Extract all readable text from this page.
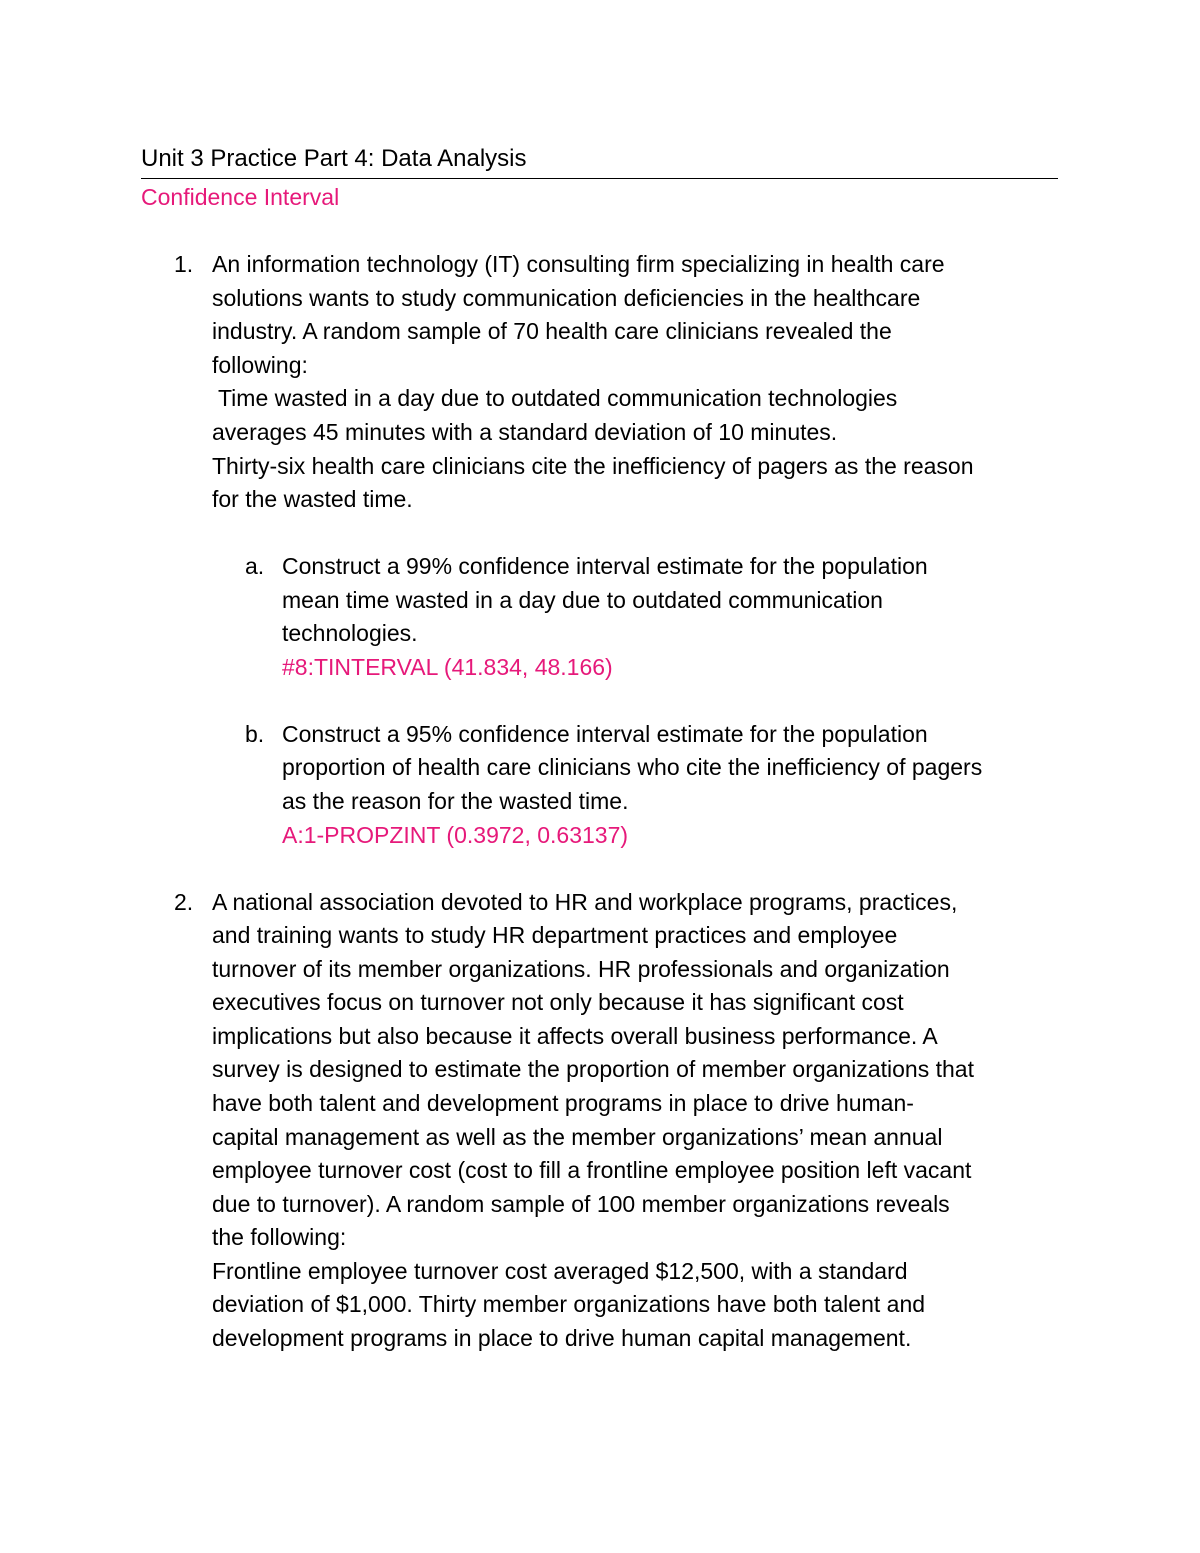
Unit 3 Practice Part 4: Data Analysis
Confidence Interval
1. An information technology (IT) consulting firm specializing in health care
solutions wants to study communication deficiencies in the healthcare
industry. A random sample of 70 health care clinicians revealed the
following:
Time wasted in a day due to outdated communication technologies
averages 45 minutes with a standard deviation of 10 minutes.
Thirty-six health care clinicians cite the inefficiency of pagers as the reason
for the wasted time.
a. Construct a 99% confidence interval estimate for the population
mean time wasted in a day due to outdated communication
technologies.
#8:TINTERVAL (41.834, 48.166)
b. Construct a 95% confidence interval estimate for the population
proportion of health care clinicians who cite the inefficiency of pagers
as the reason for the wasted time.
A:1-PROPZINT (0.3972, 0.63137)
2. A national association devoted to HR and workplace programs, practices,
and training wants to study HR department practices and employee
turnover of its member organizations. HR professionals and organization
executives focus on turnover not only because it has significant cost
implications but also because it affects overall business performance. A
survey is designed to estimate the proportion of member organizations that
have both talent and development programs in place to drive human-
capital management as well as the member organizations’ mean annual
employee turnover cost (cost to fill a frontline employee position left vacant
due to turnover). A random sample of 100 member organizations reveals
the following:
Frontline employee turnover cost averaged $12,500, with a standard
deviation of $1,000. Thirty member organizations have both talent and
development programs in place to drive human capital management.
